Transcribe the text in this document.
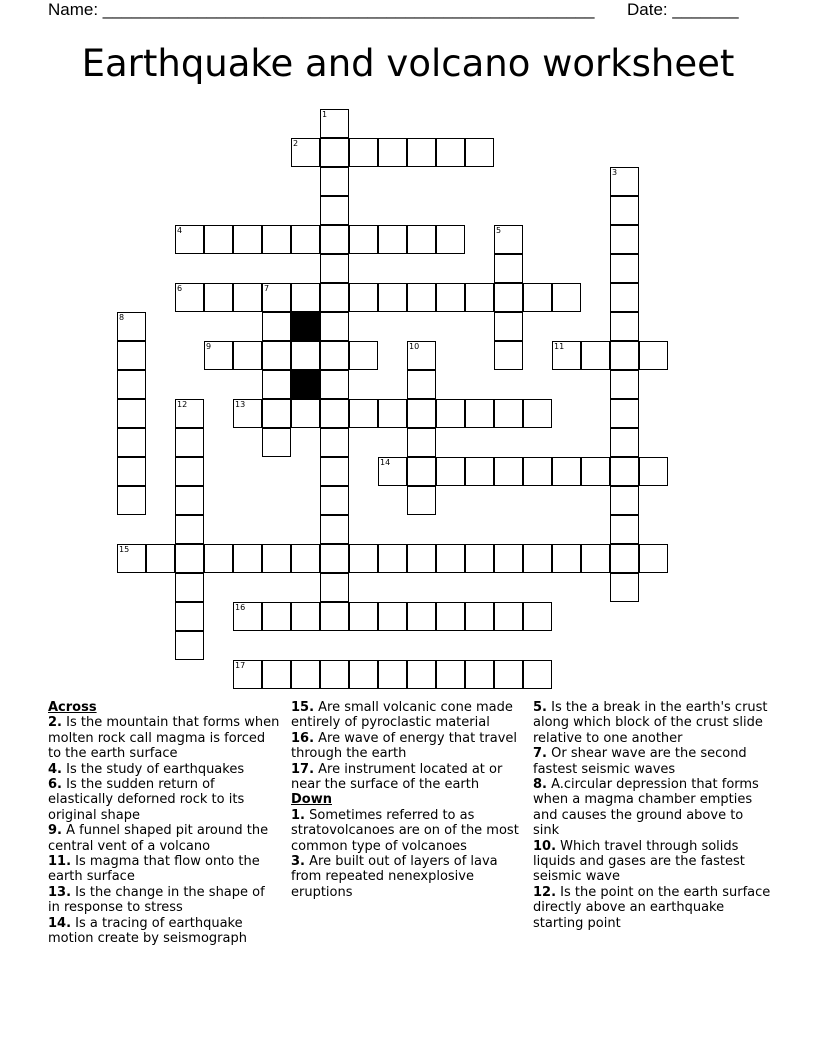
Name: ____________________________________________________ Date: _______
Earthquake and volcano worksheet
1
2
3
4	5
6	7
8
9	10	11
12	13
14
15
16
17
Across
2. Is the mountain that forms when molten rock call magma is forced to the earth surface
4. Is the study of earthquakes
6. Is the sudden return of elastically deforned rock to its original shape
9. A funnel shaped pit around the central vent of a volcano
11. Is magma that flow onto the earth surface
13. Is the change in the shape of in response to stress
14. Is a tracing of earthquake motion create by seismograph
15. Are small volcanic cone made entirely of pyroclastic material
16. Are wave of energy that travel through the earth
17. Are instrument located at or near the surface of the earth
Down
1. Sometimes referred to as stratovolcanoes are on of the most common type of volcanoes
3. Are built out of layers of lava from repeated nenexplosive eruptions
5. Is the a break in the earth's crust along which block of the crust slide relative to one another
7. Or shear wave are the second fastest seismic waves
8. A.circular depression that forms when a magma chamber empties and causes the ground above to sink
10. Which travel through solids liquids and gases are the fastest seismic wave
12. Is the point on the earth surface directly above an earthquake starting point
